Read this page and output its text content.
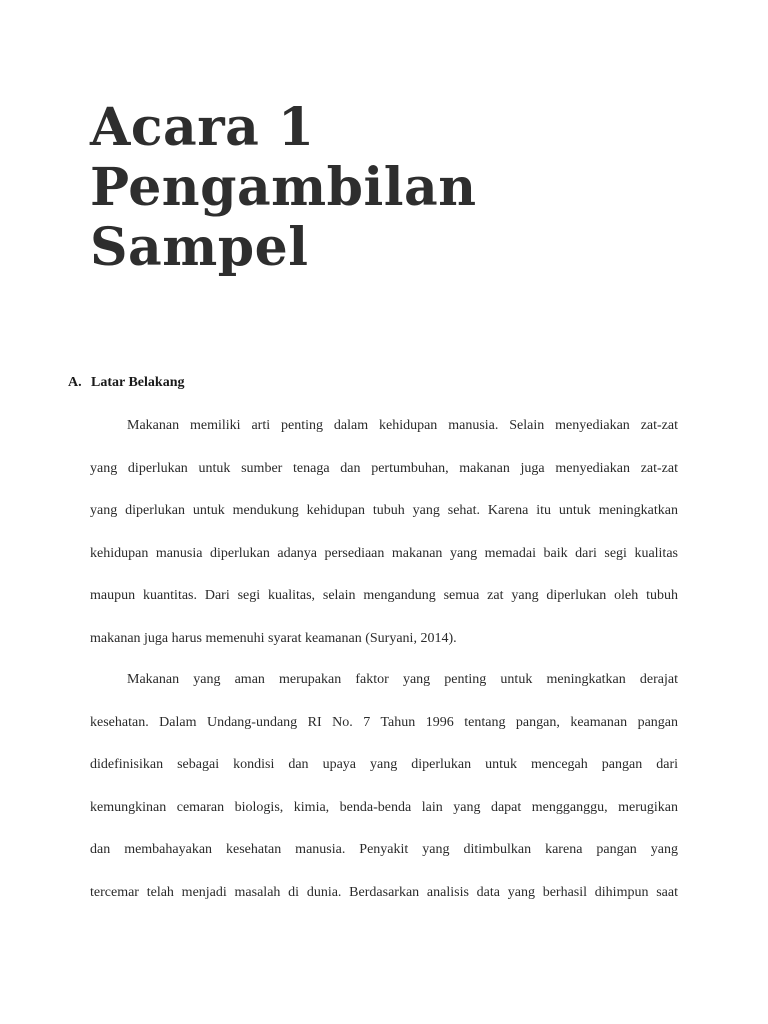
Acara 1
Pengambilan
Sampel
A. Latar Belakang
Makanan memiliki arti penting dalam kehidupan manusia. Selain menyediakan zat-zat
yang diperlukan untuk sumber tenaga dan pertumbuhan, makanan juga menyediakan zat-zat
yang diperlukan untuk mendukung kehidupan tubuh yang sehat. Karena itu untuk meningkatkan
kehidupan manusia diperlukan adanya persediaan makanan yang memadai baik dari segi kualitas
maupun kuantitas. Dari segi kualitas, selain mengandung semua zat yang diperlukan oleh tubuh
makanan juga harus memenuhi syarat keamanan (Suryani, 2014).
Makanan yang aman merupakan faktor yang penting untuk meningkatkan derajat
kesehatan. Dalam Undang-undang RI No. 7 Tahun 1996 tentang pangan, keamanan pangan
didefinisikan sebagai kondisi dan upaya yang diperlukan untuk mencegah pangan dari
kemungkinan cemaran biologis, kimia, benda-benda lain yang dapat mengganggu, merugikan
dan membahayakan kesehatan manusia. Penyakit yang ditimbulkan karena pangan yang
tercemar telah menjadi masalah di dunia. Berdasarkan analisis data yang berhasil dihimpun saat
